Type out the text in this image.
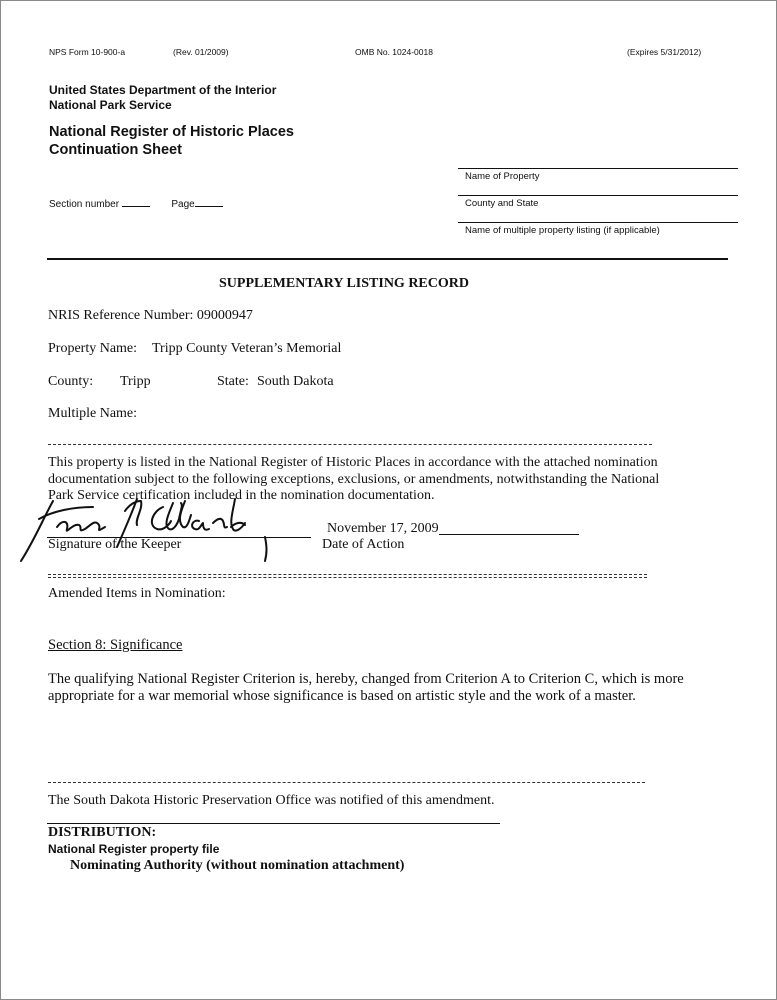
NPS Form 10-900-a	(Rev. 01/2009)	OMB No. 1024-0018	(Expires 5/31/2012)
United States Department of the Interior
National Park Service
National Register of Historic Places
Continuation Sheet
Section number	Page
Name of Property
County and State
Name of multiple property listing (if applicable)
SUPPLEMENTARY LISTING RECORD
NRIS Reference Number: 09000947
Property Name: Tripp County Veteran’s Memorial
County: Tripp	State: South Dakota
Multiple Name:
This property is listed in the National Register of Historic Places in accordance with the attached nomination
documentation subject to the following exceptions, exclusions, or amendments, notwithstanding the National
Park Service certification included in the nomination documentation.
November 17, 2009
Signature of the Keeper	Date of Action
Amended Items in Nomination:
Section 8: Significance
The qualifying National Register Criterion is, hereby, changed from Criterion A to Criterion C, which is more
appropriate for a war memorial whose significance is based on artistic style and the work of a master.
The South Dakota Historic Preservation Office was notified of this amendment.
DISTRIBUTION:
National Register property file
Nominating Authority (without nomination attachment)
